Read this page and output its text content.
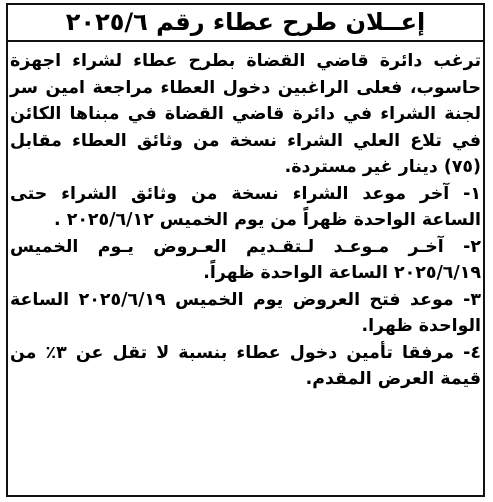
إعــلان طرح عطاء رقم ٢٠٢٥/٦

ترغب دائرة قاضي القضاة بطرح عطاء لشراء اجهزة حاسوب، فعلى الراغبين دخول العطاء مراجعة امين سر لجنة الشراء في دائرة قاضي القضاة في مبناها الكائن في تلاع العلي الشراء نسخة من وثائق العطاء مقابل (٧٥) دينار غير مستردة.

١- آخر موعد الشراء نسخة من وثائق الشراء حتى الساعة الواحدة ظهراً من يوم الخميس ٢٠٢٥/٦/١٢ .

٢- آخـر مـوعـد لـتقـديم العـروض يـوم الخميس ٢٠٢٥/٦/١٩ الساعة الواحدة ظهراً.

٣- موعد فتح العروض يوم الخميس ٢٠٢٥/٦/١٩ الساعة الواحدة ظهرا.

٤- مرفقا تأمين دخول عطاء بنسبة لا تقل عن ٣٪ من قيمة العرض المقدم.
